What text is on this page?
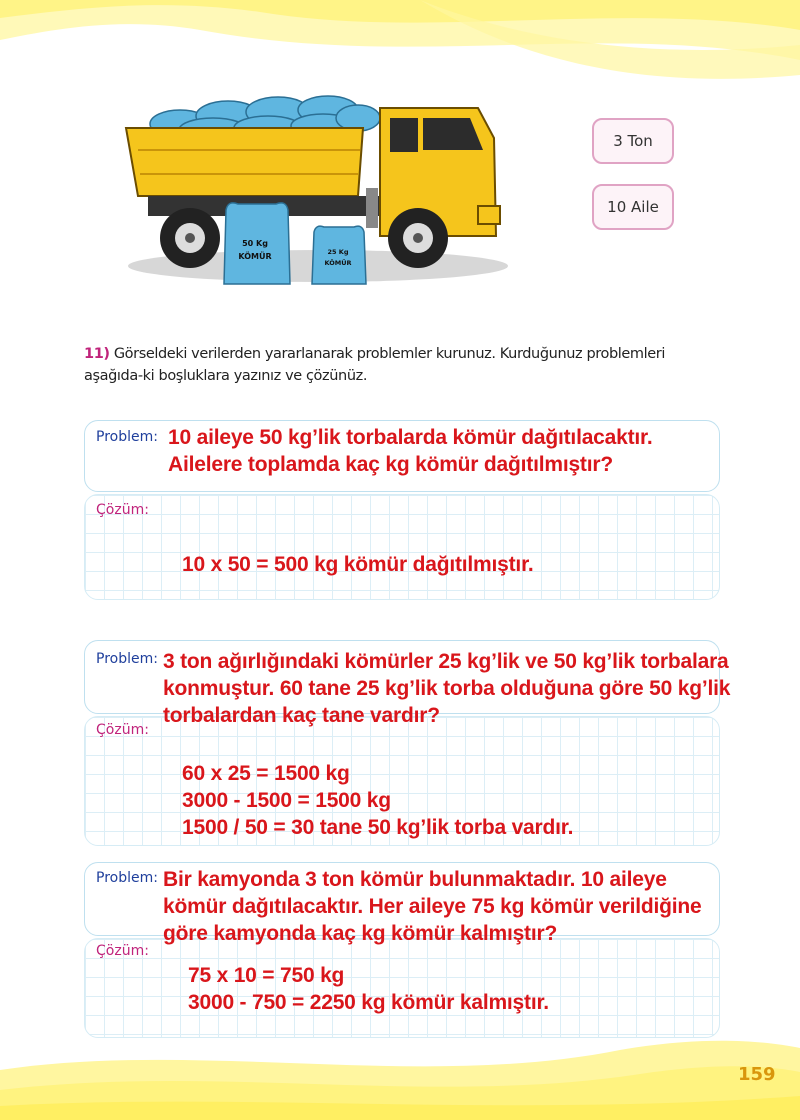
50 Kg
KÖMÜR	25 Kg
KÖMÜR
3 Ton
10 Aile
11) Görseldeki verilerden yararlanarak problemler kurunuz. Kurduğunuz problemleri aşağıda-ki boşluklara yazınız ve çözünüz.
Problem: 10 aileye 50 kg’lik torbalarda kömür dağıtılacaktır.
Ailelere toplamda kaç kg kömür dağıtılmıştır?
Çözüm:
10 x 50 = 500 kg kömür dağıtılmıştır.
Problem:
Çözüm:
3 ton ağırlığındaki kömürler 25 kg’lik ve 50 kg’lik torbalara
konmuştur. 60 tane 25 kg’lik torba olduğuna göre 50 kg’lik
torbalardan kaç tane vardır?
60 x 25 = 1500 kg
3000 - 1500 = 1500 kg
1500 / 50 = 30 tane 50 kg’lik torba vardır.
Problem:
Çözüm:
Bir kamyonda 3 ton kömür bulunmaktadır. 10 aileye
kömür dağıtılacaktır. Her aileye 75 kg kömür verildiğine
göre kamyonda kaç kg kömür kalmıştır?
75 x 10 = 750 kg
3000 - 750 = 2250 kg kömür kalmıştır.
159
